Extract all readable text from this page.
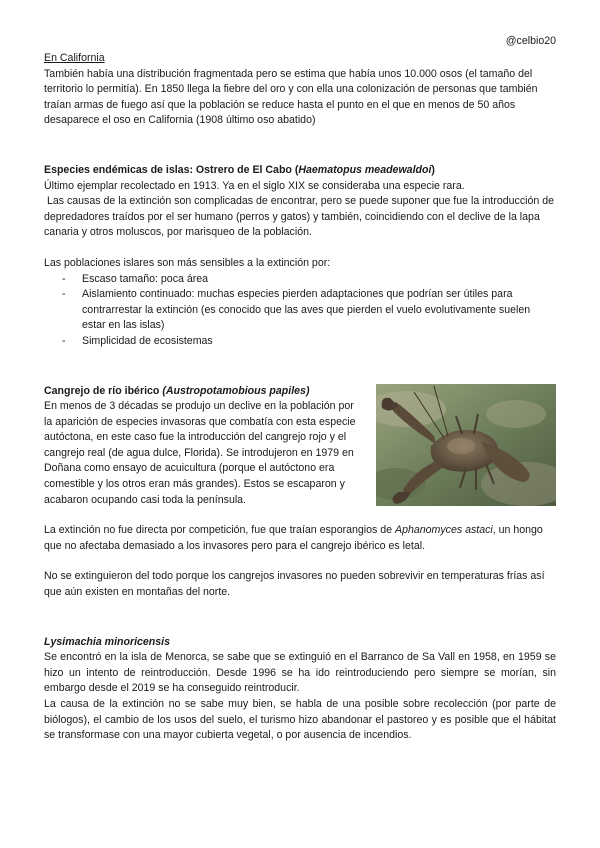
@celbio20

En California

También había una distribución fragmentada pero se estima que había unos 10.000 osos (el tamaño del territorio lo permitía). En 1850 llega la fiebre del oro y con ella una colonización de personas que también traían armas de fuego así que la población se reduce hasta el punto en el que en menos de 50 años desaparece el oso en California (1908 último oso abatido)

Especies endémicas de islas: Ostrero de El Cabo (Haematopus meadewaldoi)

Último ejemplar recolectado en 1913. Ya en el siglo XIX se consideraba una especie rara.

Las causas de la extinción son complicadas de encontrar, pero se puede suponer que fue la introducción de depredadores traídos por el ser humano (perros y gatos) y también, coincidiendo con el declive de la lapa canaria y otros moluscos, por marisqueo de la población.

Las poblaciones islares son más sensibles a la extinción por:

- Escaso tamaño: poca área
- Aislamiento continuado: muchas especies pierden adaptaciones que podrían ser útiles para contrarrestar la extinción (es conocido que las aves que pierden el vuelo evolutivamente suelen estar en las islas)
- Simplicidad de ecosistemas

Cangrejo de río ibérico (Austropotamobious papiles)

En menos de 3 décadas se produjo un declive en la población por la aparición de especies invasoras que combatía con esta especie autóctona, en este caso fue la introducción del cangrejo rojo y el cangrejo real (de agua dulce, Florida). Se introdujeron en 1979 en Doñana como ensayo de acuicultura (porque el autóctono era comestible y los otros eran más grandes). Estos se escaparon y acabaron ocupando casi toda la península.

La extinción no fue directa por competición, fue que traían esporangios de Aphanomyces astaci, un hongo que no afectaba demasiado a los invasores pero para el cangrejo ibérico es letal.

No se extinguieron del todo porque los cangrejos invasores no pueden sobrevivir en temperaturas frías así que aún existen en montañas del norte.

Lysimachia minoricensis

Se encontró en la isla de Menorca, se sabe que se extinguió en el Barranco de Sa Vall en 1958, en 1959 se hizo un intento de reintroducción. Desde 1996 se ha ido reintroduciendo pero siempre se morían, sin embargo desde el 2019 se ha conseguido reintroducir.

La causa de la extinción no se sabe muy bien, se habla de una posible sobre recolección (por parte de biólogos), el cambio de los usos del suelo, el turismo hizo abandonar el pastoreo y es posible que el hábitat se transformase con una mayor cubierta vegetal, o por ausencia de incendios.
